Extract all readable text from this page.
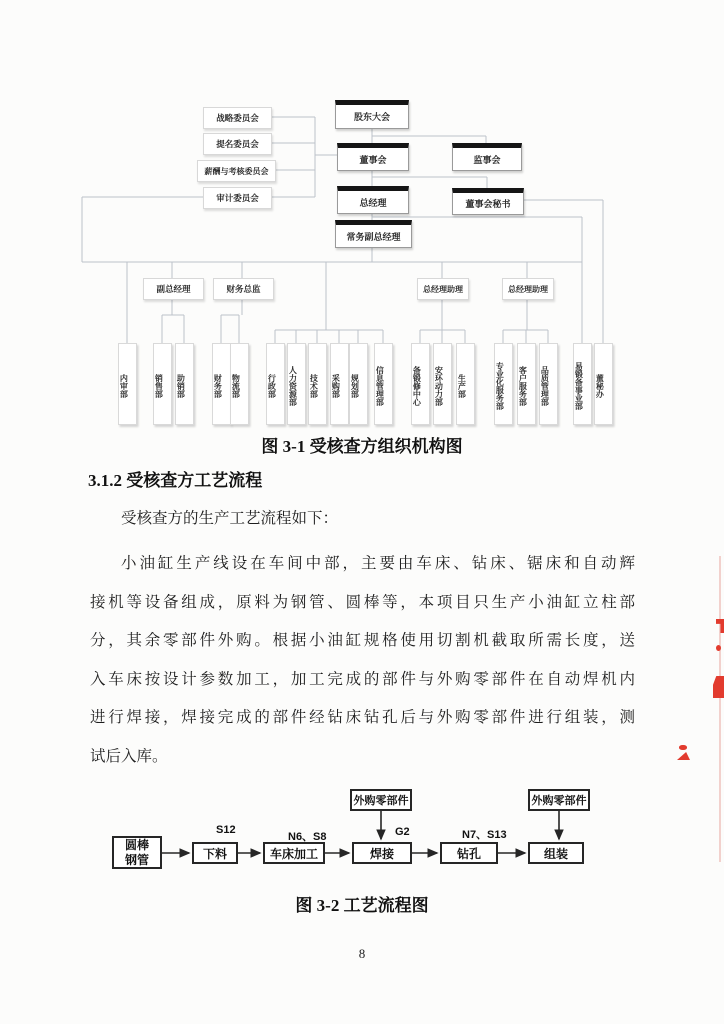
股东大会
董事会	监事会
总经理	董事会秘书
常务副总经理
战略委员会
提名委员会
薪酬与考核委员会
审计委员会
副总经理	财务总监	总经理助理	总经理助理
内审部	销售部 助销部	财务部 物流部	行政部 人力资源部 技术部 采购部 规划部 信息管理部	备锻修中心 安环动力部 生产部	专业化服务部 客户服务部 品质管理部	易锻备事业部 董秘办
图 3-1 受核查方组织机构图
3.1.2 受核查方工艺流程
受核查方的生产工艺流程如下：
小油缸生产线设在车间中部，主要由车床、钻床、锯床和自动辉
接机等设备组成，原料为钢管、圆棒等，本项目只生产小油缸立柱部
分，其余零部件外购。根据小油缸规格使用切割机截取所需长度，送
入车床按设计参数加工，加工完成的部件与外购零部件在自动焊机内
进行焊接，焊接完成的部件经钻床钻孔后与外购零部件进行组装，测
试后入库。
圆棒
钢管	下料	车床加工	焊接	钻孔	组装
外购零部件	外购零部件
S12
N6、S8	G2	N7、S13
图 3-2 工艺流程图
8
